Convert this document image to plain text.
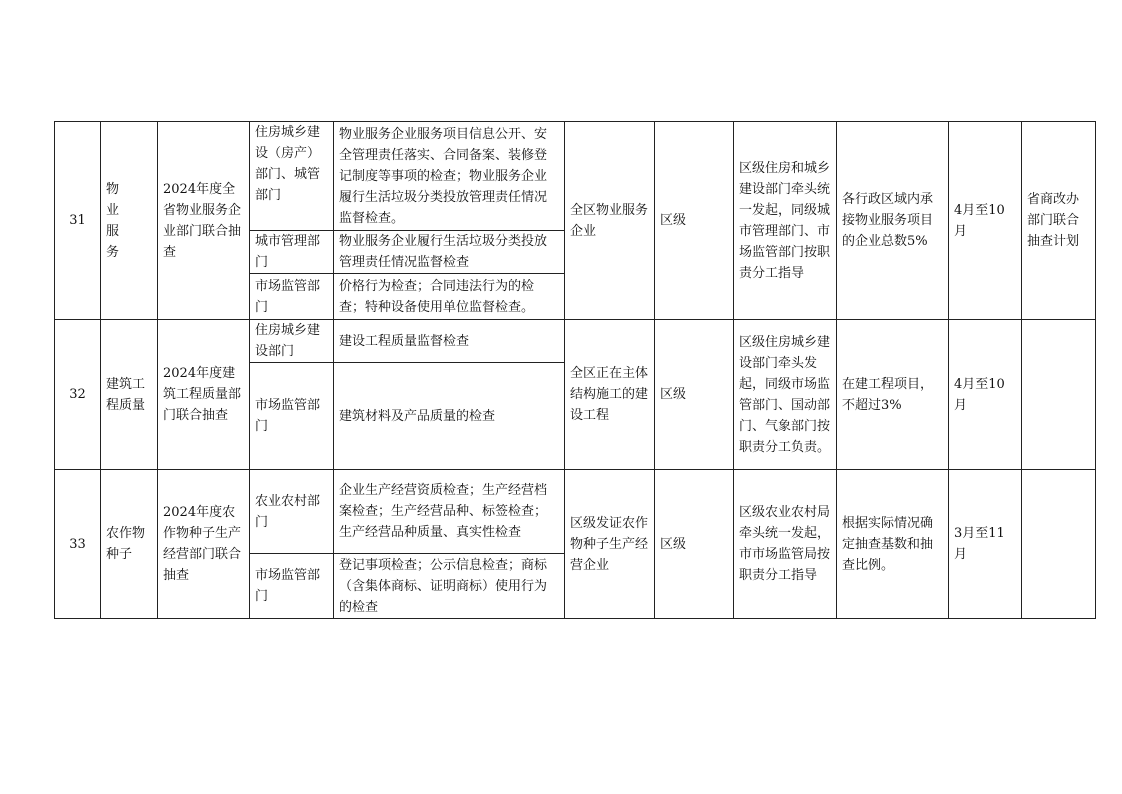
31	物业服务	2024年度全省物业服务企业部门联合抽查	住房城乡建设（房产）部门、城管部门	物业服务企业服务项目信息公开、安全管理责任落实、合同备案、装修登记制度等事项的检查；物业服务企业履行生活垃圾分类投放管理责任情况监督检查。	全区物业服务企业	区级	区级住房和城乡建设部门牵头统一发起，同级城市管理部门、市场监管部门按职责分工指导	各行政区域内承接物业服务项目的企业总数5%	4月至10月	省商改办部门联合抽查计划
			城市管理部门	物业服务企业履行生活垃圾分类投放管理责任情况监督检查						
			市场监管部门	价格行为检查；合同违法行为的检查；特种设备使用单位监督检查。						
32	建筑工程质量	2024年度建筑工程质量部门联合抽查	住房城乡建设部门	建设工程质量监督检查	全区正在主体结构施工的建设工程	区级	区级住房城乡建设部门牵头发起，同级市场监管部门、国动部门、气象部门按职责分工负责。	在建工程项目，不超过3%	4月至10月	
			市场监管部门	建筑材料及产品质量的检查						
33	农作物种子	2024年度农作物种子生产经营部门联合抽查	农业农村部门	企业生产经营资质检查；生产经营档案检查；生产经营品种、标签检查；生产经营品种质量、真实性检查	区级发证农作物种子生产经营企业	区级	区级农业农村局牵头统一发起，市市场监管局按职责分工指导	根据实际情况确定抽查基数和抽查比例。	3月至11月	
			市场监管部门	登记事项检查；公示信息检查；商标（含集体商标、证明商标）使用行为的检查						
